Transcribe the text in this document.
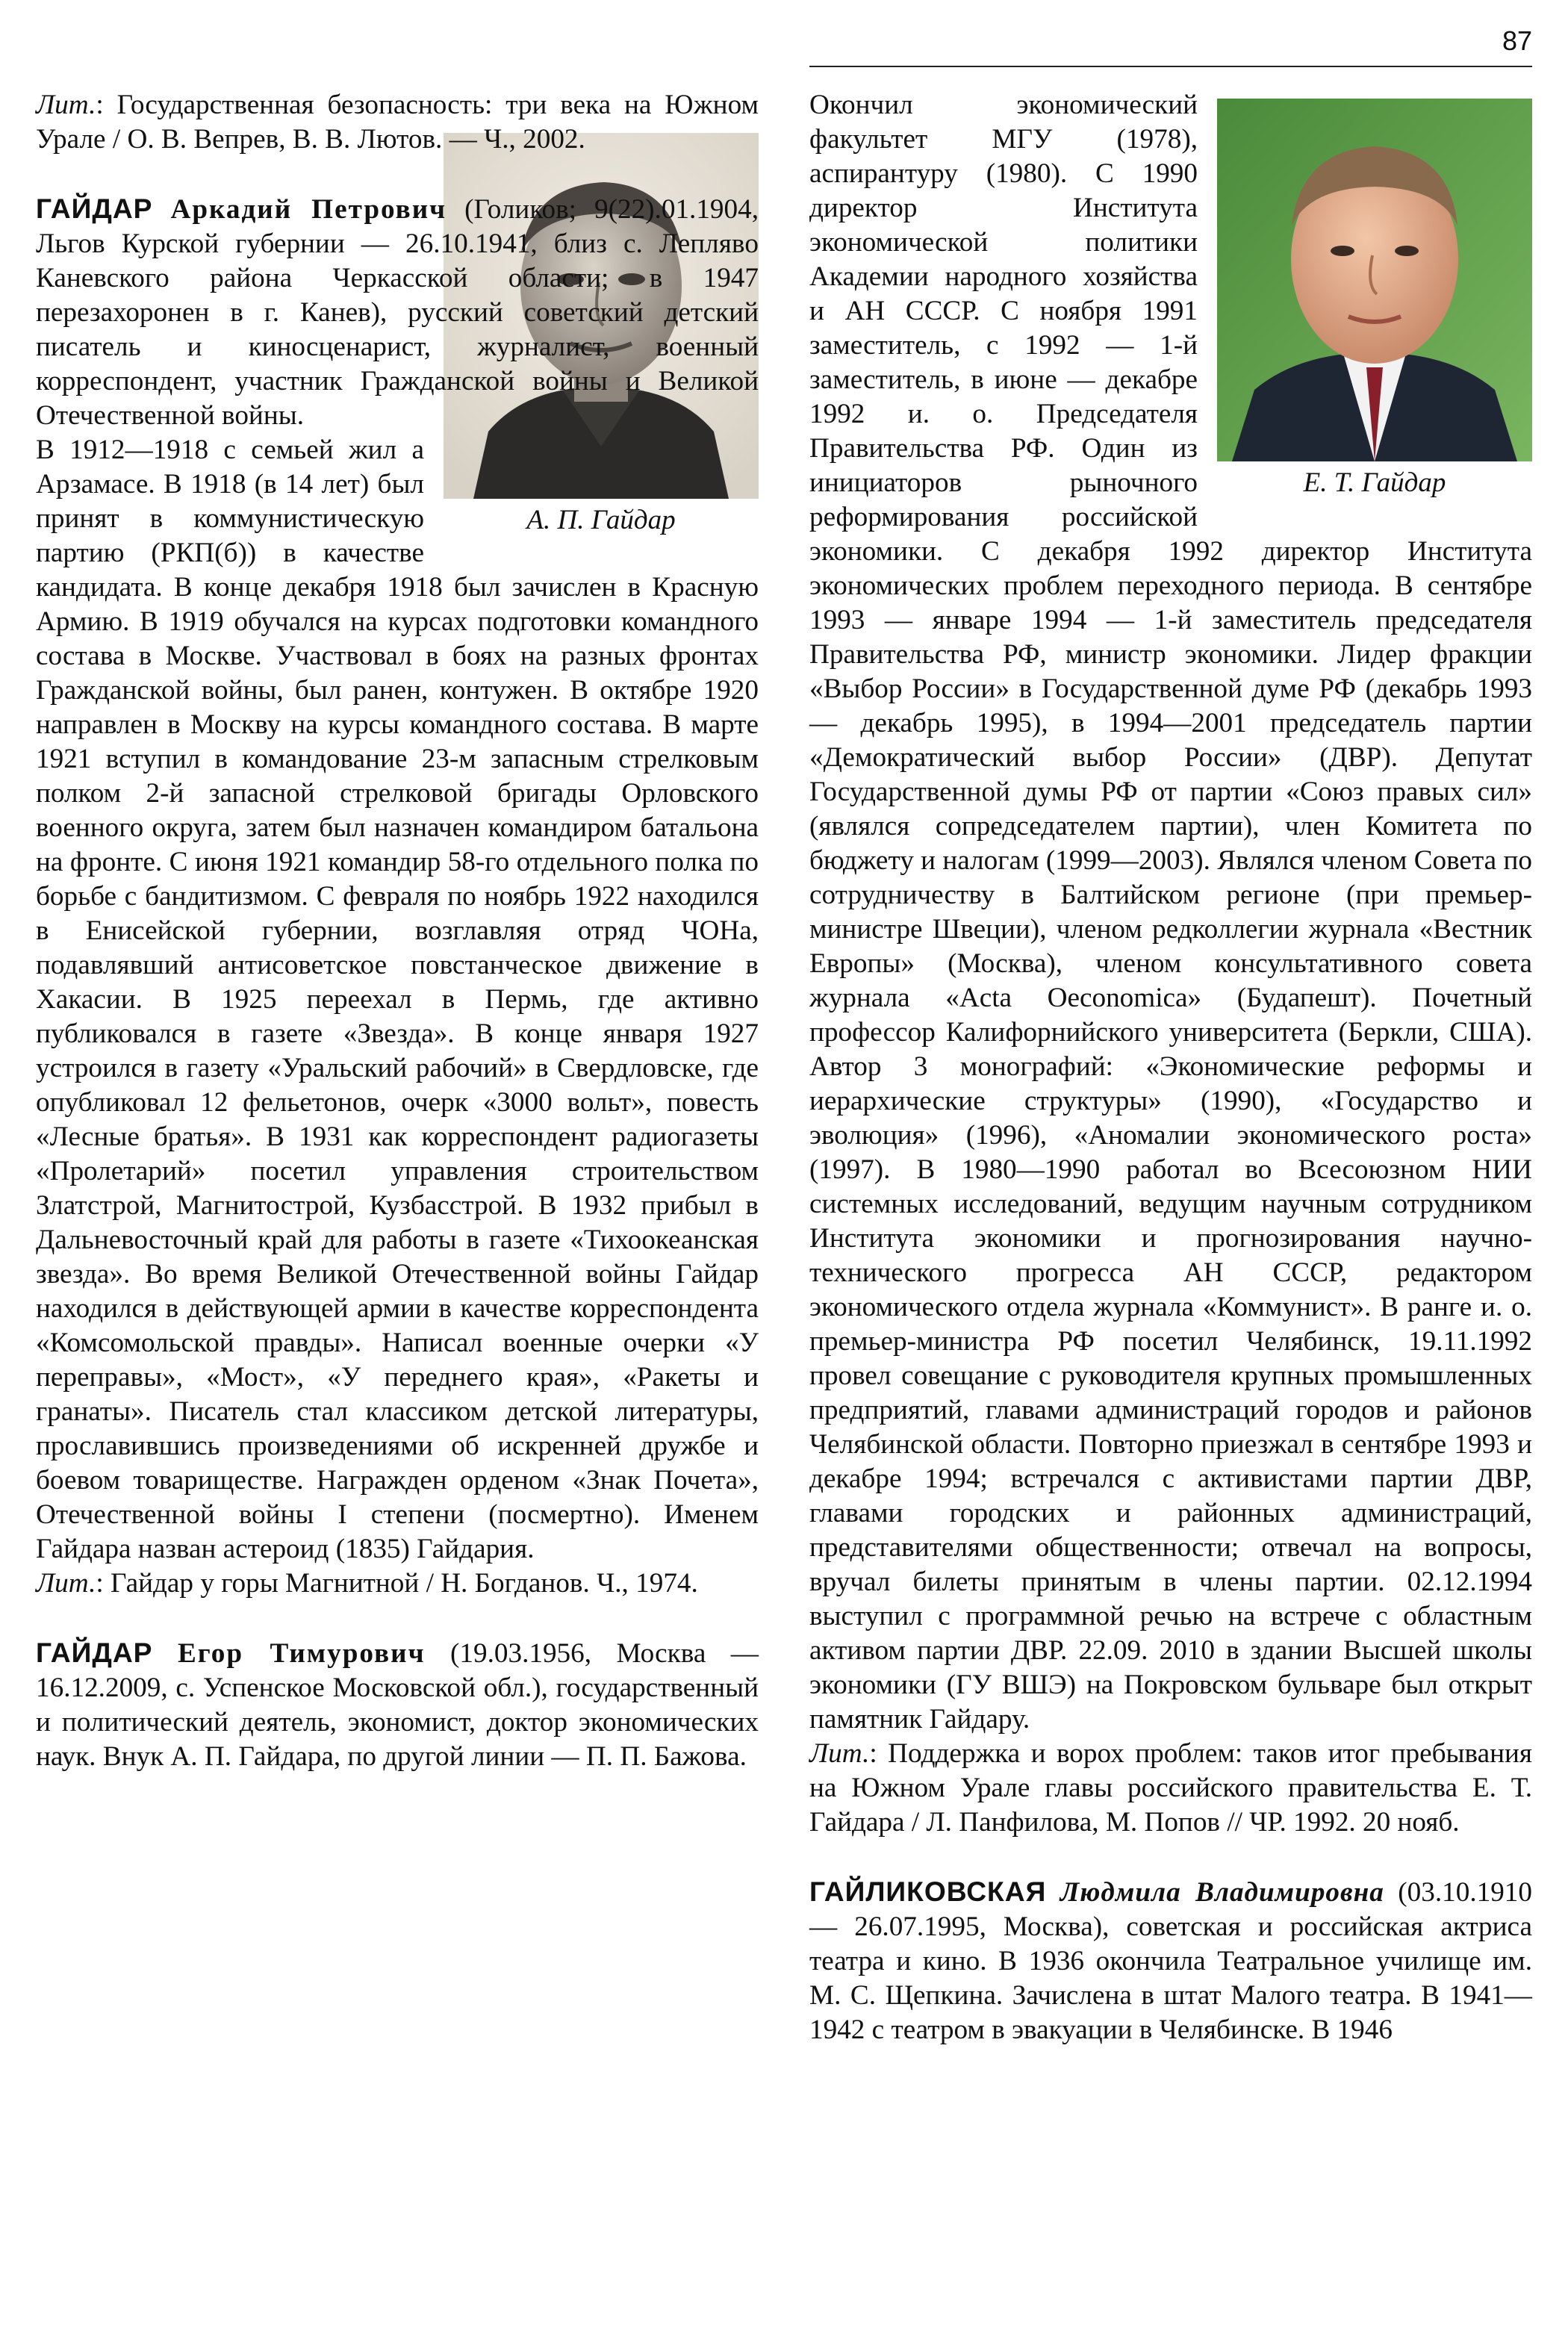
87

Лит.: Государственная безопасность: три века на Южном Урале / О. В. Вепрев, В. В. Лютов. — Ч., 2002.

ГАЙДАР Аркадий Петрович (Голиков; 9(22).01.1904, Льгов Курской губернии — 26.10.1941, близ с. Леплявo Каневского района Черкасской области; в 1947 перезахоронен в г. Канев), русский советский детский писатель и киносценарист, журналист, военный корреспондент, участник Гражданской войны и Великой Отечественной войны.

А. П. Гайдар

В 1912—1918 с семьей жил а Арзамасе. В 1918 (в 14 лет) был принят в коммунистическую партию (РКП(б)) в качестве кандидата. В конце декабря 1918 был зачислен в Красную Армию. В 1919 обучался на курсах подготовки командного состава в Москве. Участвовал в боях на разных фронтах Гражданской войны, был ранен, контужен. В октябре 1920 направлен в Москву на курсы командного состава. В марте 1921 вступил в командование 23-м запасным стрелковым полком 2-й запасной стрелковой бригады Орловского военного округа, затем был назначен командиром батальона на фронте. С июня 1921 командир 58-го отдельного полка по борьбе с бандитизмом. С февраля по ноябрь 1922 находился в Енисейской губернии, возглавляя отряд ЧОНа, подавлявший антисоветское повстанческое движение в Хакасии. В 1925 переехал в Пермь, где активно публиковался в газете «Звезда». В конце января 1927 устроился в газету «Уральский рабочий» в Свердловске, где опубликовал 12 фельетонов, очерк «3000 вольт», повесть «Лесные братья». В 1931 как корреспондент радиогазеты «Пролетарий» посетил управления строительством Златстрой, Магнитострой, Кузбасстрой. В 1932 прибыл в Дальневосточный край для работы в газете «Тихоокеанская звезда». Во время Великой Отечественной войны Гайдар находился в действующей армии в качестве корреспондента «Комсомольской правды». Написал военные очерки «У переправы», «Мост», «У переднего края», «Ракеты и гранаты». Писатель стал классиком детской литературы, прославившись произведениями об искренней дружбе и боевом товариществе. Награжден орденом «Знак Почета», Отечественной войны I степени (посмертно). Именем Гайдара назван астероид (1835) Гайдария.

Лит.: Гайдар у горы Магнитной / Н. Богданов. Ч., 1974.

ГАЙДАР Егор Тимурович (19.03.1956, Москва — 16.12.2009, с. Успенское Московской обл.), государственный и политический деятель, экономист, доктор экономических наук. Внук А. П. Гайдара, по другой линии — П. П. Бажова.

Е. Т. Гайдар

Окончил экономический факультет МГУ (1978), аспирантуру (1980). С 1990 директор Института экономической политики Академии народного хозяйства и АН СССР. С ноября 1991 заместитель, с 1992 — 1-й заместитель, в июне — декабре 1992 и. о. Председателя Правительства РФ. Один из инициаторов рыночного реформирования российской экономики. С декабря 1992 директор Института экономических проблем переходного периода. В сентябре 1993 — январе 1994 — 1-й заместитель председателя Правительства РФ, министр экономики. Лидер фракции «Выбор России» в Государственной думе РФ (декабрь 1993 — декабрь 1995), в 1994—2001 председатель партии «Демократический выбор России» (ДВР). Депутат Государственной думы РФ от партии «Союз правых сил» (являлся сопредседателем партии), член Комитета по бюджету и налогам (1999—2003). Являлся членом Совета по сотрудничеству в Балтийском регионе (при премьер-министре Швеции), членом редколлегии журнала «Вестник Европы» (Москва), членом консультативного совета журнала «Acta Oeconomica» (Будапешт). Почетный профессор Калифорнийского университета (Беркли, США). Автор 3 монографий: «Экономические реформы и иерархические структуры» (1990), «Государство и эволюция» (1996), «Аномалии экономического роста» (1997). В 1980—1990 работал во Всесоюзном НИИ системных исследований, ведущим научным сотрудником Института экономики и прогнозирования научно-технического прогресса АН СССР, редактором экономического отдела журнала «Коммунист». В ранге и. о. премьер-министра РФ посетил Челябинск, 19.11.1992 провел совещание с руководителя крупных промышленных предприятий, главами администраций городов и районов Челябинской области. Повторно приезжал в сентябре 1993 и декабре 1994; встречался с активистами партии ДВР, главами городских и районных администраций, представителями общественности; отвечал на вопросы, вручал билеты принятым в члены партии. 02.12.1994 выступил с программной речью на встрече с областным активом партии ДВР. 22.09. 2010 в здании Высшей школы экономики (ГУ ВШЭ) на Покровском бульваре был открыт памятник Гайдару.

Лит.: Поддержка и ворох проблем: таков итог пребывания на Южном Урале главы российского правительства Е. Т. Гайдара / Л. Панфилова, М. Попов // ЧР. 1992. 20 нояб.

ГАЙЛИКОВСКАЯ Людмила Владимировна (03.10.1910 — 26.07.1995, Москва), советская и российская актриса театра и кино. В 1936 окончила Театральное училище им. М. С. Щепкина. Зачислена в штат Малого театра. В 1941—1942 с театром в эвакуации в Челябинске. В 1946
